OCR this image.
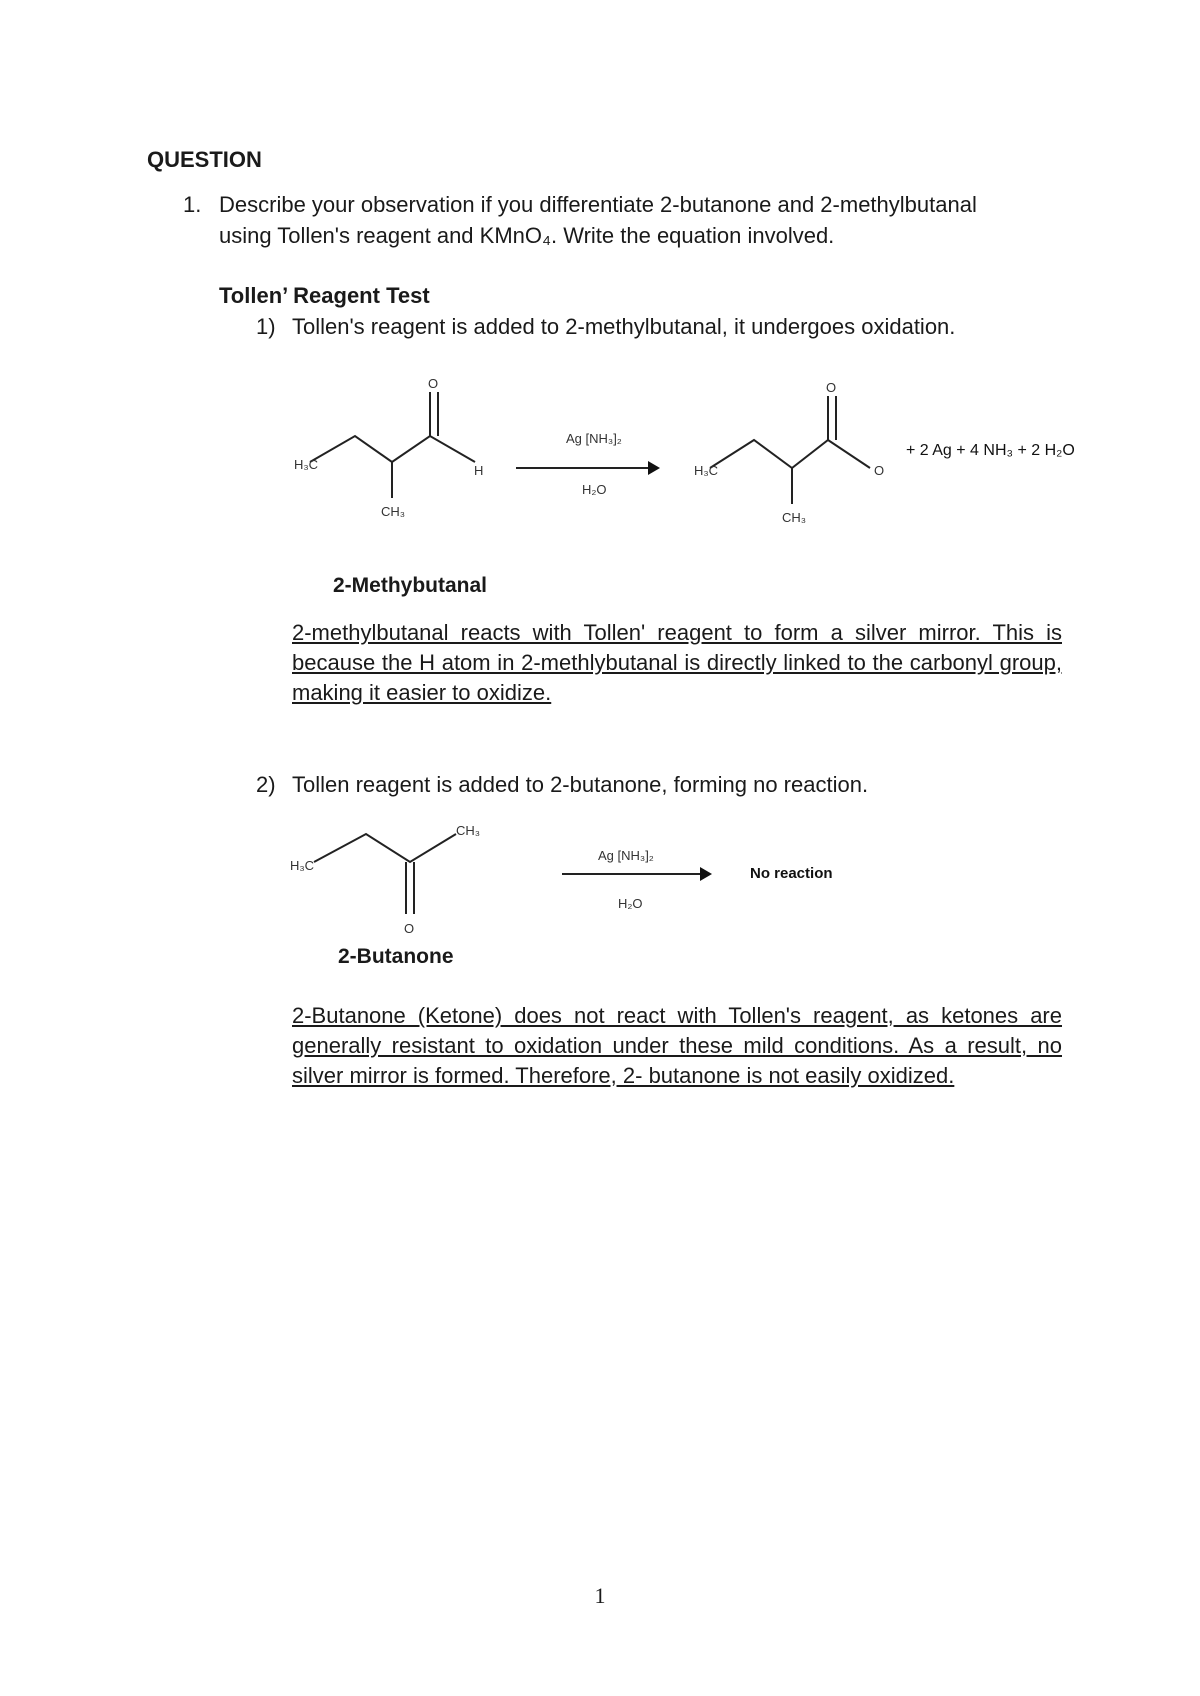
QUESTION
1. Describe your observation if you differentiate 2-butanone and 2-methylbutanal
using Tollen's reagent and KMnO₄. Write the equation involved.
Tollen’ Reagent Test
1) Tollen's reagent is added to 2-methylbutanal, it undergoes oxidation.
O
H₃C	H
CH₃
Ag [NH₃]₂
H₂O
O
H₃C	O
CH₃
+ 2 Ag + 4 NH₃ + 2 H₂O
2-Methybutanal
2-methylbutanal reacts with Tollen' reagent to form a silver mirror. This is because the H atom in 2-methlybutanal is directly linked to the carbonyl group, making it easier to oxidize.
2) Tollen reagent is added to 2-butanone, forming no reaction.
H₃C
CH₃
O
Ag [NH₃]₂
H₂O
No reaction
2-Butanone
2-Butanone (Ketone) does not react with Tollen's reagent, as ketones are generally resistant to oxidation under these mild conditions. As a result, no silver mirror is formed. Therefore, 2- butanone is not easily oxidized.
1
